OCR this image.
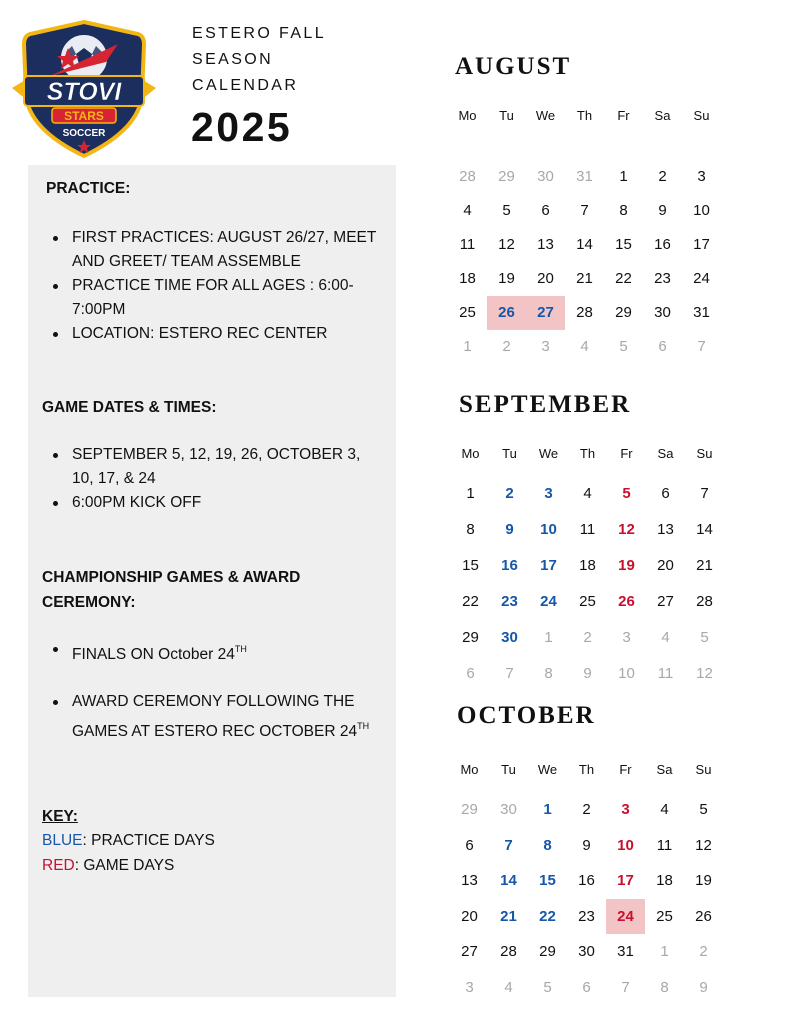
STOVI
STARS
SOCCER
ESTERO FALL
SEASON
CALENDAR
2025
PRACTICE:
FIRST PRACTICES: AUGUST 26/27, MEET AND GREET/ TEAM ASSEMBLE
PRACTICE TIME FOR ALL AGES : 6:00-7:00PM
LOCATION: ESTERO REC CENTER
GAME DATES & TIMES:
SEPTEMBER 5, 12, 19, 26, OCTOBER 3, 10, 17, & 24
6:00PM KICK OFF
CHAMPIONSHIP GAMES & AWARD
CEREMONY:
FINALS ON October 24TH
AWARD CEREMONY FOLLOWING THE GAMES AT ESTERO REC OCTOBER 24TH
KEY:
BLUE: PRACTICE DAYS
RED: GAME DAYS
AUGUST
Mo	Tu	We	Th	Fr	Sa	Su
28	29	30	31	1	2	3
4	5	6	7	8	9	10
11	12	13	14	15	16	17
18	19	20	21	22	23	24
25	26	27	28	29	30	31
1	2	3	4	5	6	7
SEPTEMBER
Mo	Tu	We	Th	Fr	Sa	Su
1	2	3	4	5	6	7
8	9	10	11	12	13	14
15	16	17	18	19	20	21
22	23	24	25	26	27	28
29	30	1	2	3	4	5
6	7	8	9	10	11	12
OCTOBER
Mo	Tu	We	Th	Fr	Sa	Su
29	30	1	2	3	4	5
6	7	8	9	10	11	12
13	14	15	16	17	18	19
20	21	22	23	24	25	26
27	28	29	30	31	1	2
3	4	5	6	7	8	9
